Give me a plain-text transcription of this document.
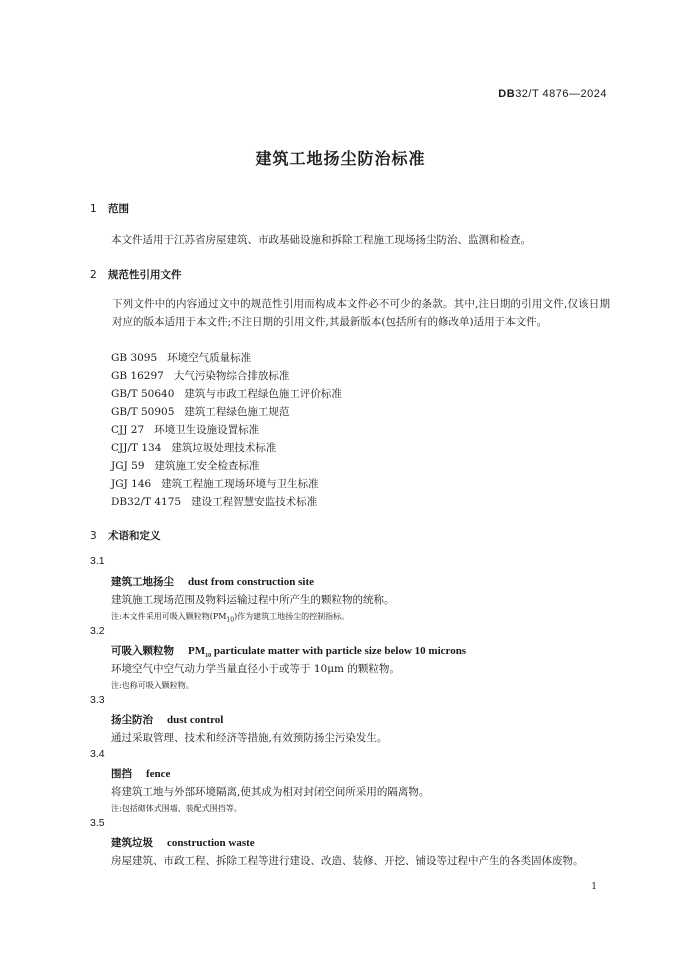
DB32/T 4876—2024
建筑工地扬尘防治标准
1 范围
本文件适用于江苏省房屋建筑、市政基础设施和拆除工程施工现场扬尘防治、监测和检查。
2 规范性引用文件
下列文件中的内容通过文中的规范性引用而构成本文件必不可少的条款。其中,注日期的引用文件,仅该日期对应的版本适用于本文件;不注日期的引用文件,其最新版本(包括所有的修改单)适用于本文件。
GB 3095 环境空气质量标准
GB 16297 大气污染物综合排放标准
GB/T 50640 建筑与市政工程绿色施工评价标准
GB/T 50905 建筑工程绿色施工规范
CJJ 27 环境卫生设施设置标准
CJJ/T 134 建筑垃圾处理技术标准
JGJ 59 建筑施工安全检查标准
JGJ 146 建筑工程施工现场环境与卫生标准
DB32/T 4175 建设工程智慧安监技术标准
3 术语和定义
3.1
建筑工地扬尘 dust from construction site
建筑施工现场范围及物料运输过程中所产生的颗粒物的统称。
注:本文件采用可吸入颗粒物$(PM_{10})$作为建筑工地扬尘的控制指标。
3.2
可吸入颗粒物 $PM_{10}$ particulate matter with particle size below 10 microns
环境空气中空气动力学当量直径小于或等于 10μm 的颗粒物。
注:也称可吸入颗粒物。
3.3
扬尘防治 dust control
通过采取管理、技术和经济等措施,有效预防扬尘污染发生。
3.4
围挡 fence
将建筑工地与外部环境隔离,使其成为相对封闭空间所采用的隔离物。
注:包括砌体式围墙、装配式围挡等。
3.5
建筑垃圾 construction waste
房屋建筑、市政工程、拆除工程等进行建设、改造、装修、开挖、铺设等过程中产生的各类固体废物。
1
